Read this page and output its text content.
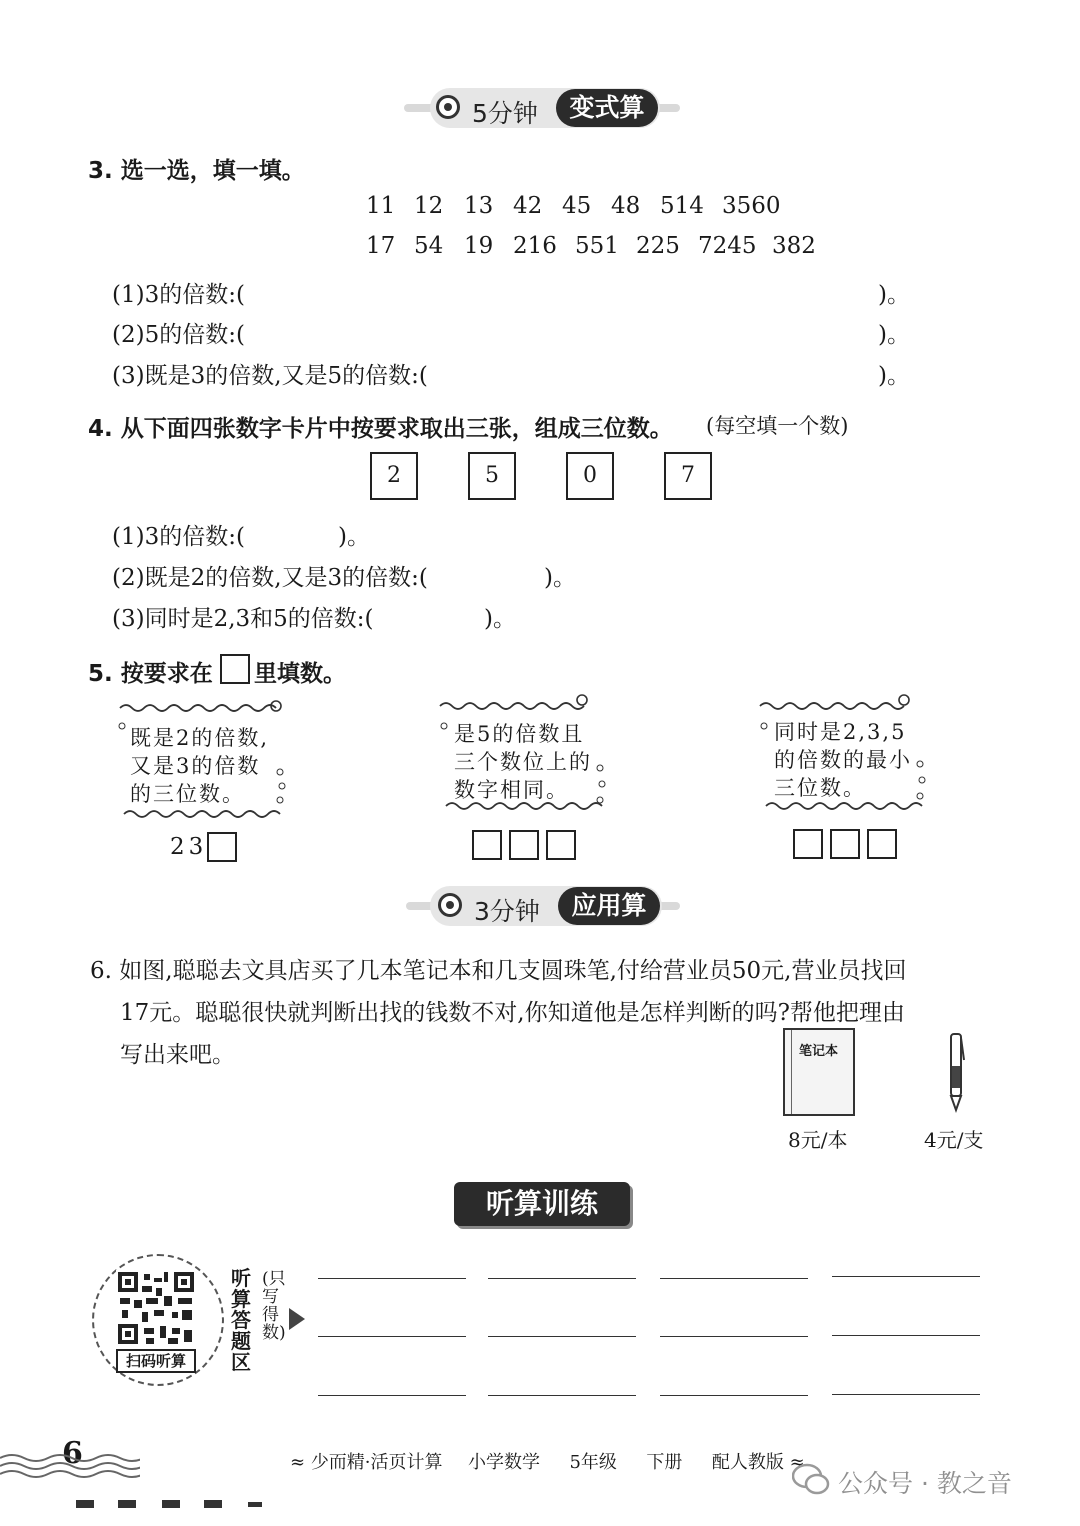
5分钟	变式算
3. 选一选，填一填。
11 12 13 42 45 48 514 3560
17 54 19 216 551 225 7245 382
(1)3的倍数:(	)。
(2)5的倍数:(	)。
(3)既是3的倍数,又是5的倍数:(	)。
4. 从下面四张数字卡片中按要求取出三张，组成三位数。 (每空填一个数)
2	5	0	7
(1)3的倍数:(	)。
(2)既是2的倍数,又是3的倍数:(	)。
(3)同时是2,3和5的倍数:(	)。
5. 按要求在 里填数。
既是2的倍数,
又是3的倍数
的三位数。
23
是5的倍数且
三个数位上的
数字相同。
同时是2,3,5
的倍数的最小
三位数。
3分钟	应用算
6. 如图,聪聪去文具店买了几本笔记本和几支圆珠笔,付给营业员50元,营业员找回
17元。聪聪很快就判断出找的钱数不对,你知道他是怎样判断的吗?帮他把理由
写出来吧。	笔记本
8元/本	4元/支
听算训练
扫码听算
听算答题区
(只写得数)
6	≈ 少而精·活页计算 小学数学 5年级 下册 配人教版 ≈
公众号 · 教之音
